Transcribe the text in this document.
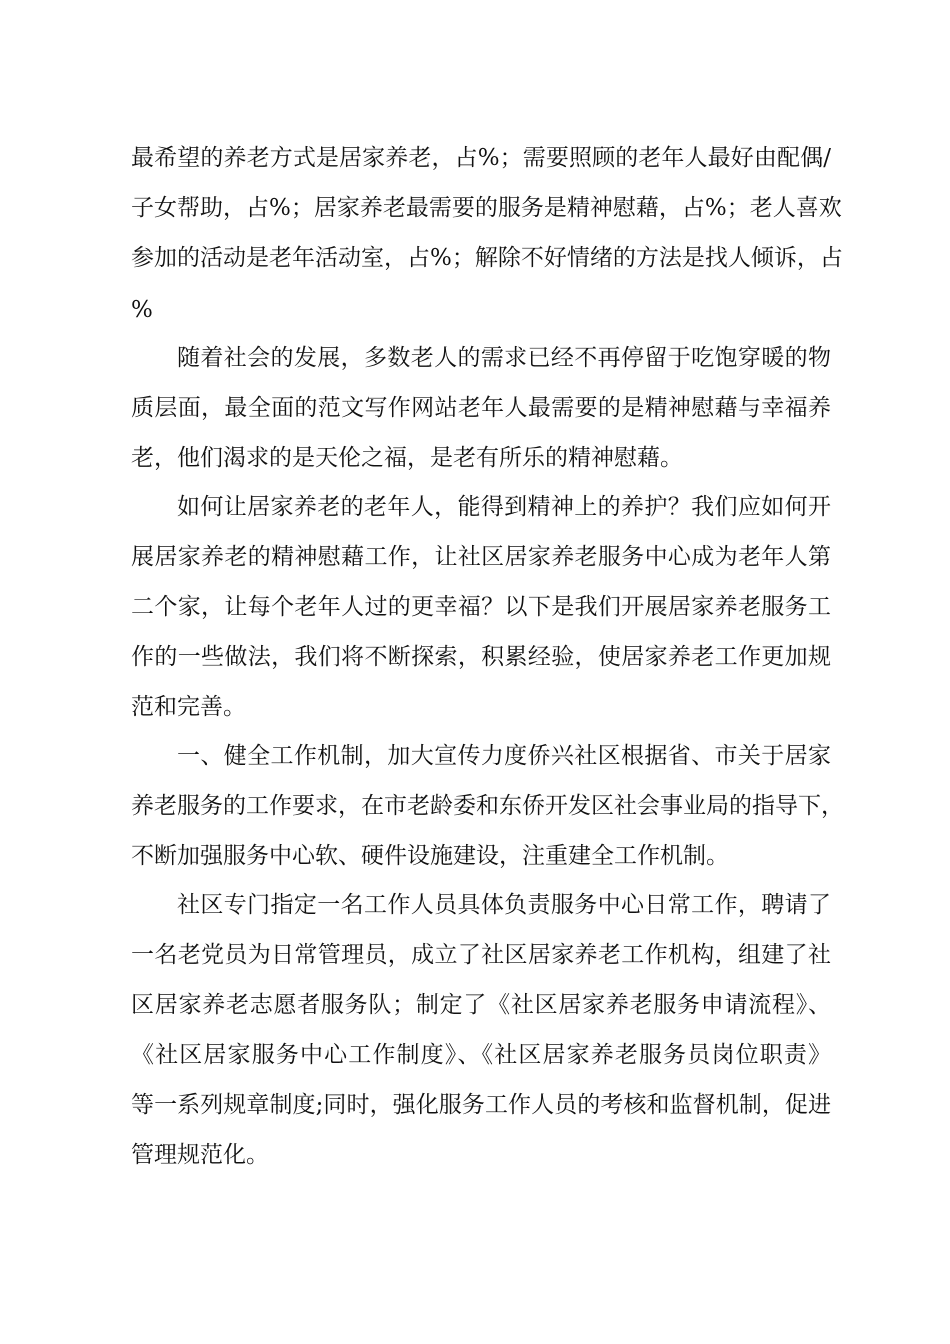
最希望的养老方式是居家养老，占%；需要照顾的老年人最好由配偶/
子女帮助，占%；居家养老最需要的服务是精神慰藉，占%；老人喜欢
参加的活动是老年活动室，占%；解除不好情绪的方法是找人倾诉，占
%
随着社会的发展，多数老人的需求已经不再停留于吃饱穿暖的物
质层面，最全面的范文写作网站老年人最需要的是精神慰藉与幸福养
老，他们渴求的是天伦之福，是老有所乐的精神慰藉。
如何让居家养老的老年人，能得到精神上的养护？我们应如何开
展居家养老的精神慰藉工作，让社区居家养老服务中心成为老年人第
二个家，让每个老年人过的更幸福？以下是我们开展居家养老服务工
作的一些做法，我们将不断探索，积累经验，使居家养老工作更加规
范和完善。
一、健全工作机制，加大宣传力度侨兴社区根据省、市关于居家
养老服务的工作要求，在市老龄委和东侨开发区社会事业局的指导下，
不断加强服务中心软、硬件设施建设，注重建全工作机制。
社区专门指定一名工作人员具体负责服务中心日常工作，聘请了
一名老党员为日常管理员，成立了社区居家养老工作机构，组建了社
区居家养老志愿者服务队；制定了《社区居家养老服务申请流程》、
《社区居家服务中心工作制度》、《社区居家养老服务员岗位职责》
等一系列规章制度;同时，强化服务工作人员的考核和监督机制，促进
管理规范化。
